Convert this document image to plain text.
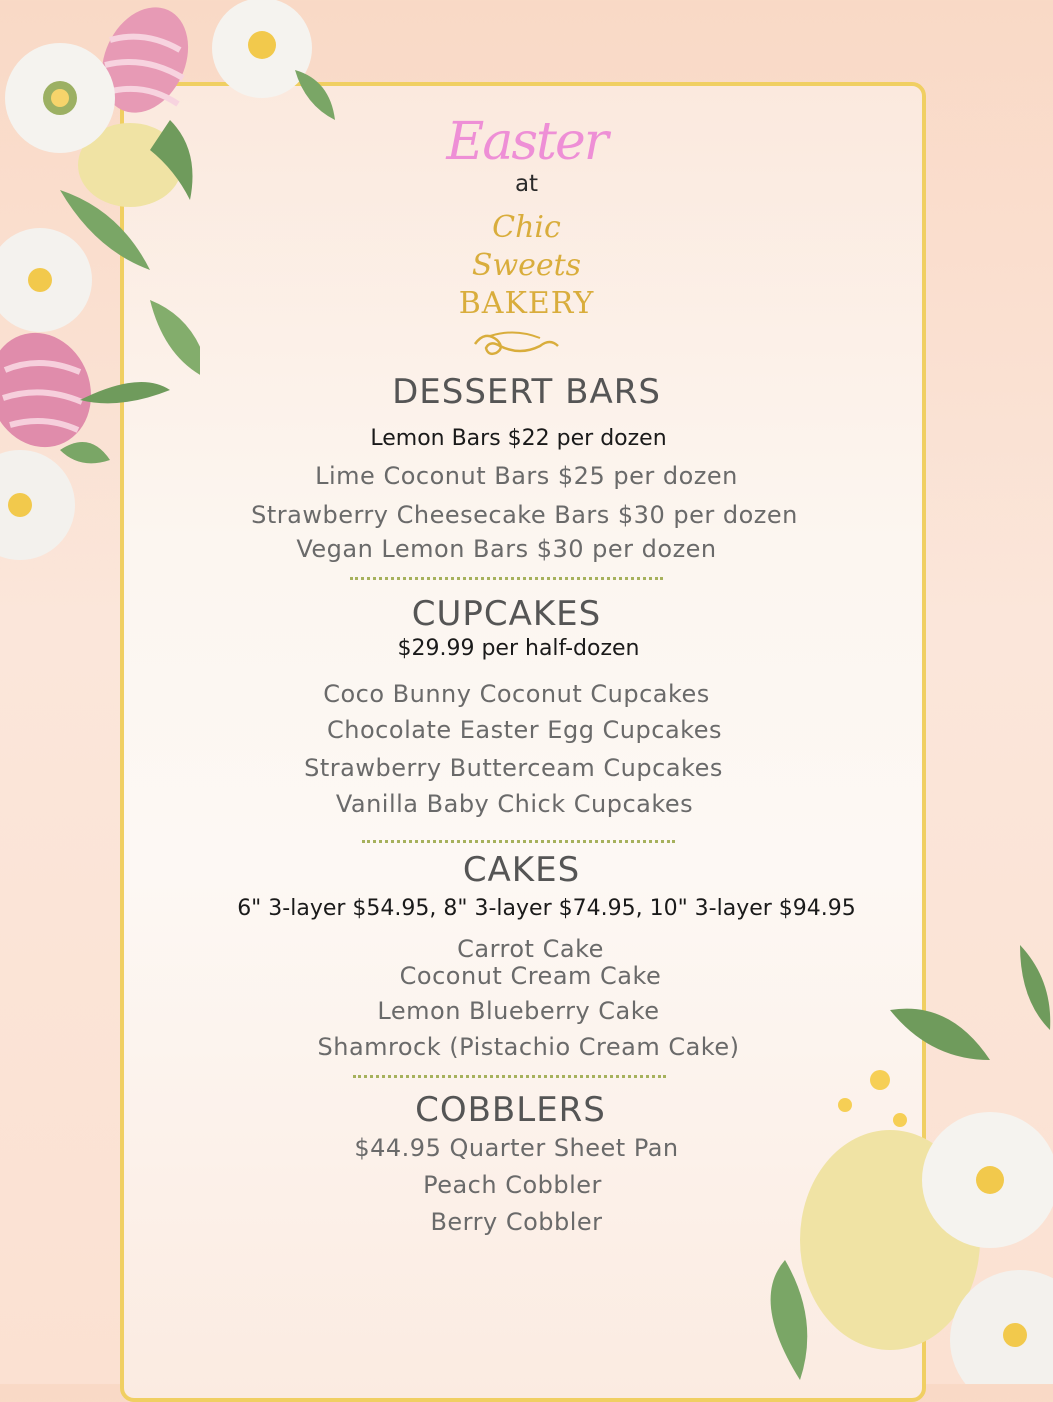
Easter
at
Chic
Sweets
BAKERY
DESSERT BARS
Lemon Bars $22 per dozen
Lime Coconut Bars $25 per dozen
Strawberry Cheesecake Bars $30 per dozen
Vegan Lemon Bars $30 per dozen
CUPCAKES
$29.99 per half-dozen
Coco Bunny Coconut Cupcakes
Chocolate Easter Egg Cupcakes
Strawberry Butterceam Cupcakes
Vanilla Baby Chick Cupcakes
CAKES
6" 3-layer $54.95, 8" 3-layer $74.95, 10" 3-layer $94.95
Carrot Cake
Coconut Cream Cake
Lemon Blueberry Cake
Shamrock (Pistachio Cream Cake)
COBBLERS
$44.95 Quarter Sheet Pan
Peach Cobbler
Berry Cobbler
